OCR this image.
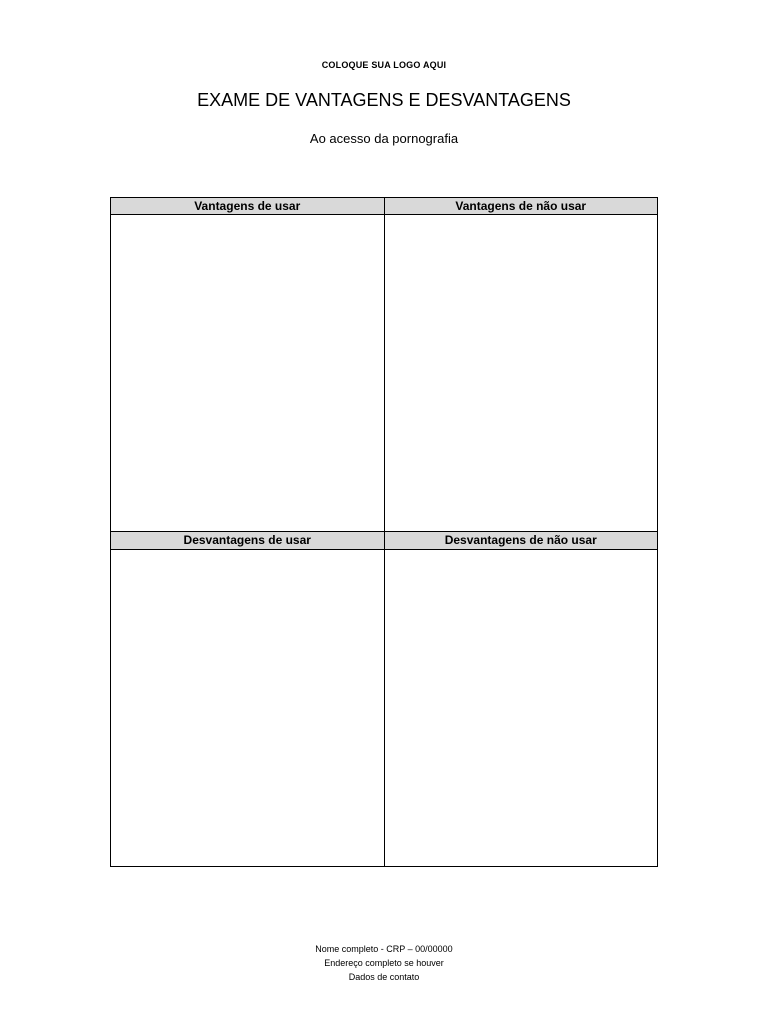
COLOQUE SUA LOGO AQUI
EXAME DE VANTAGENS E DESVANTAGENS

Ao acesso da pornografia

Vantagens de usar	Vantagens de não usar

Desvantagens de usar	Desvantagens de não usar

Nome completo - CRP – 00/00000
Endereço completo se houver
Dados de contato
